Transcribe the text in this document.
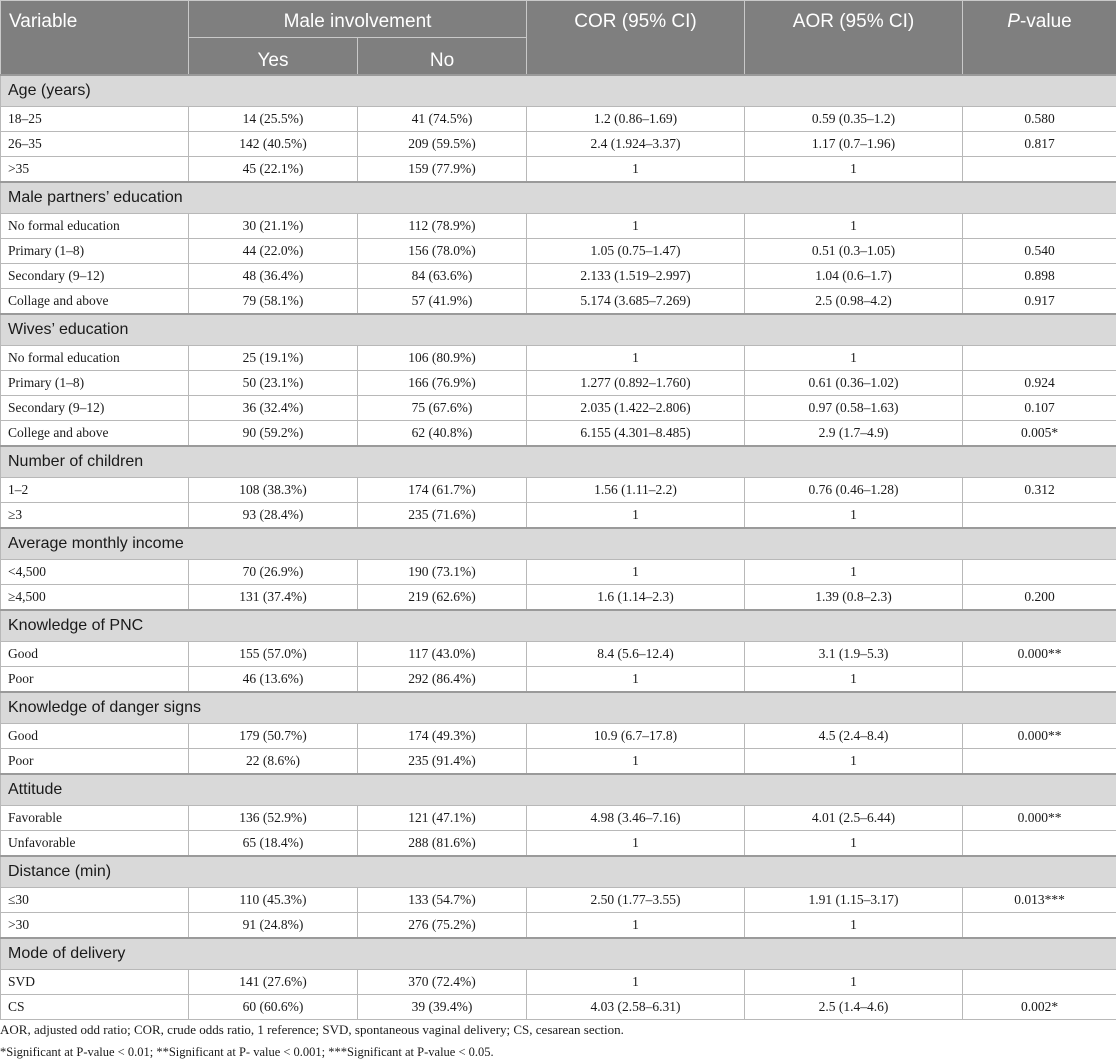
Variable	Male involvement		COR (95% CI)	AOR (95% CI)	P-value
	Yes	No			
Age (years)					
18–25	14 (25.5%)	41 (74.5%)	1.2 (0.86–1.69)	0.59 (0.35–1.2)	0.580
26–35	142 (40.5%)	209 (59.5%)	2.4 (1.924–3.37)	1.17 (0.7–1.96)	0.817
>35	45 (22.1%)	159 (77.9%)	1	1	
Male partners’ education					
No formal education	30 (21.1%)	112 (78.9%)	1	1	
Primary (1–8)	44 (22.0%)	156 (78.0%)	1.05 (0.75–1.47)	0.51 (0.3–1.05)	0.540
Secondary (9–12)	48 (36.4%)	84 (63.6%)	2.133 (1.519–2.997)	1.04 (0.6–1.7)	0.898
Collage and above	79 (58.1%)	57 (41.9%)	5.174 (3.685–7.269)	2.5 (0.98–4.2)	0.917
Wives’ education					
No formal education	25 (19.1%)	106 (80.9%)	1	1	
Primary (1–8)	50 (23.1%)	166 (76.9%)	1.277 (0.892–1.760)	0.61 (0.36–1.02)	0.924
Secondary (9–12)	36 (32.4%)	75 (67.6%)	2.035 (1.422–2.806)	0.97 (0.58–1.63)	0.107
College and above	90 (59.2%)	62 (40.8%)	6.155 (4.301–8.485)	2.9 (1.7–4.9)	0.005*
Number of children					
1–2	108 (38.3%)	174 (61.7%)	1.56 (1.11–2.2)	0.76 (0.46–1.28)	0.312
≥3	93 (28.4%)	235 (71.6%)	1	1	
Average monthly income					
<4,500	70 (26.9%)	190 (73.1%)	1	1	
≥4,500	131 (37.4%)	219 (62.6%)	1.6 (1.14–2.3)	1.39 (0.8–2.3)	0.200
Knowledge of PNC					
Good	155 (57.0%)	117 (43.0%)	8.4 (5.6–12.4)	3.1 (1.9–5.3)	0.000**
Poor	46 (13.6%)	292 (86.4%)	1	1	
Knowledge of danger signs					
Good	179 (50.7%)	174 (49.3%)	10.9 (6.7–17.8)	4.5 (2.4–8.4)	0.000**
Poor	22 (8.6%)	235 (91.4%)	1	1	
Attitude					
Favorable	136 (52.9%)	121 (47.1%)	4.98 (3.46–7.16)	4.01 (2.5–6.44)	0.000**
Unfavorable	65 (18.4%)	288 (81.6%)	1	1	
Distance (min)					
≤30	110 (45.3%)	133 (54.7%)	2.50 (1.77–3.55)	1.91 (1.15–3.17)	0.013***
>30	91 (24.8%)	276 (75.2%)	1	1	
Mode of delivery					
SVD	141 (27.6%)	370 (72.4%)	1	1	
CS	60 (60.6%)	39 (39.4%)	4.03 (2.58–6.31)	2.5 (1.4–4.6)	0.002*
AOR, adjusted odd ratio; COR, crude odds ratio, 1 reference; SVD, spontaneous vaginal delivery; CS, cesarean section.
*Significant at P-value < 0.01; **Significant at P- value < 0.001; ***Significant at P-value < 0.05.
